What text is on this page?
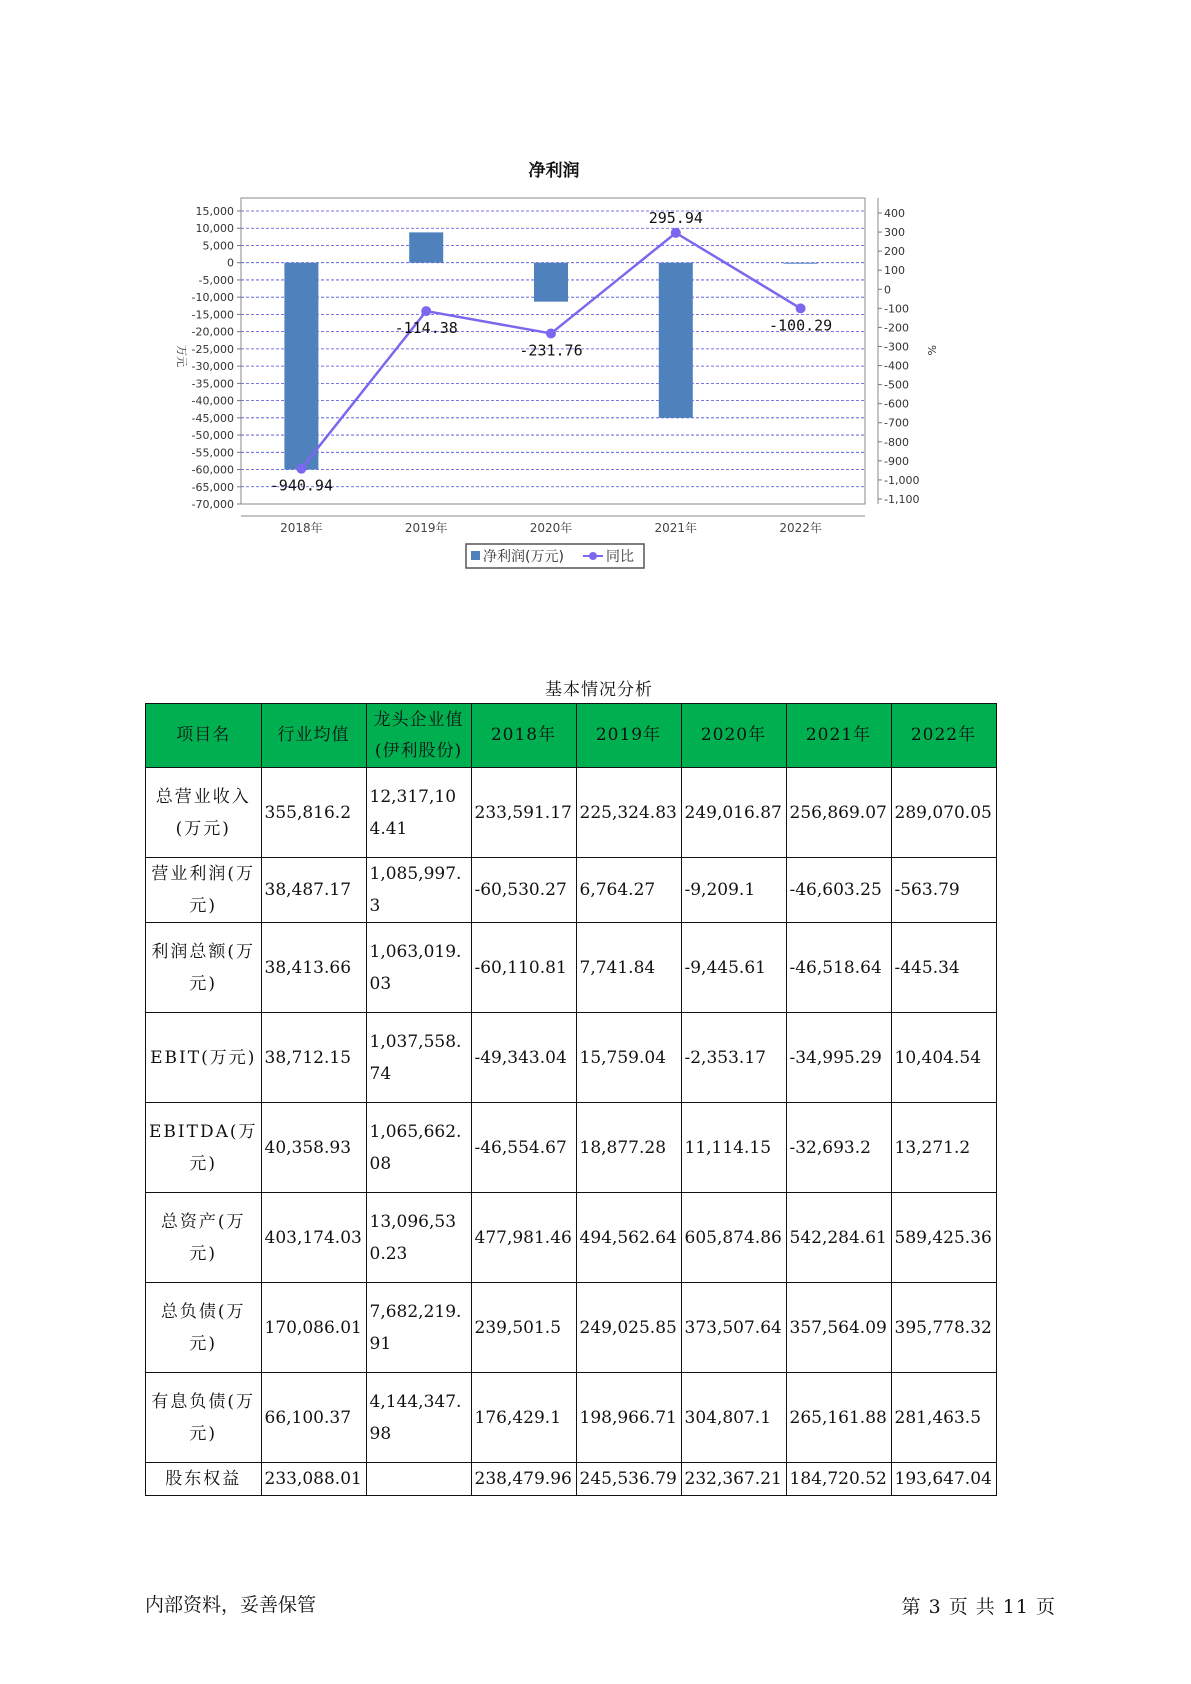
净利润
15,000
10,000
5,000
0
-5,000
-10,000
-15,000
-20,000
-25,000
-30,000
-35,000
-40,000
-45,000
-50,000
-55,000
-60,000
-65,000
-70,000
400
300
200
100
0
-100
-200
-300
-400
-500
-600
-700
-800
-900
-1,000
-1,100
2018年	2019年	2020年	2021年	2022年
-940.94
-114.38
-231.76
295.94
-100.29
万元	%
净利润(万元)	同比
基本情况分析
项目名	行业均值	龙头企业值(伊利股份)	2018年	2019年	2020年	2021年	2022年
总营业收入(万元)	355,816.2	12,317,104.41	233,591.17	225,324.83	249,016.87	256,869.07	289,070.05
营业利润(万元)	38,487.17	1,085,997.3	-60,530.27	6,764.27	-9,209.1	-46,603.25	-563.79
利润总额(万元)	38,413.66	1,063,019.03	-60,110.81	7,741.84	-9,445.61	-46,518.64	-445.34
EBIT(万元)	38,712.15	1,037,558.74	-49,343.04	15,759.04	-2,353.17	-34,995.29	10,404.54
EBITDA(万元)	40,358.93	1,065,662.08	-46,554.67	18,877.28	11,114.15	-32,693.2	13,271.2
总资产(万元)	403,174.03	13,096,530.23	477,981.46	494,562.64	605,874.86	542,284.61	589,425.36
总负债(万元)	170,086.01	7,682,219.91	239,501.5	249,025.85	373,507.64	357,564.09	395,778.32
有息负债(万元)	66,100.37	4,144,347.98	176,429.1	198,966.71	304,807.1	265,161.88	281,463.5
股东权益	233,088.01		238,479.96	245,536.79	232,367.21	184,720.52	193,647.04
内部资料，妥善保管	第 3 页 共 11 页
